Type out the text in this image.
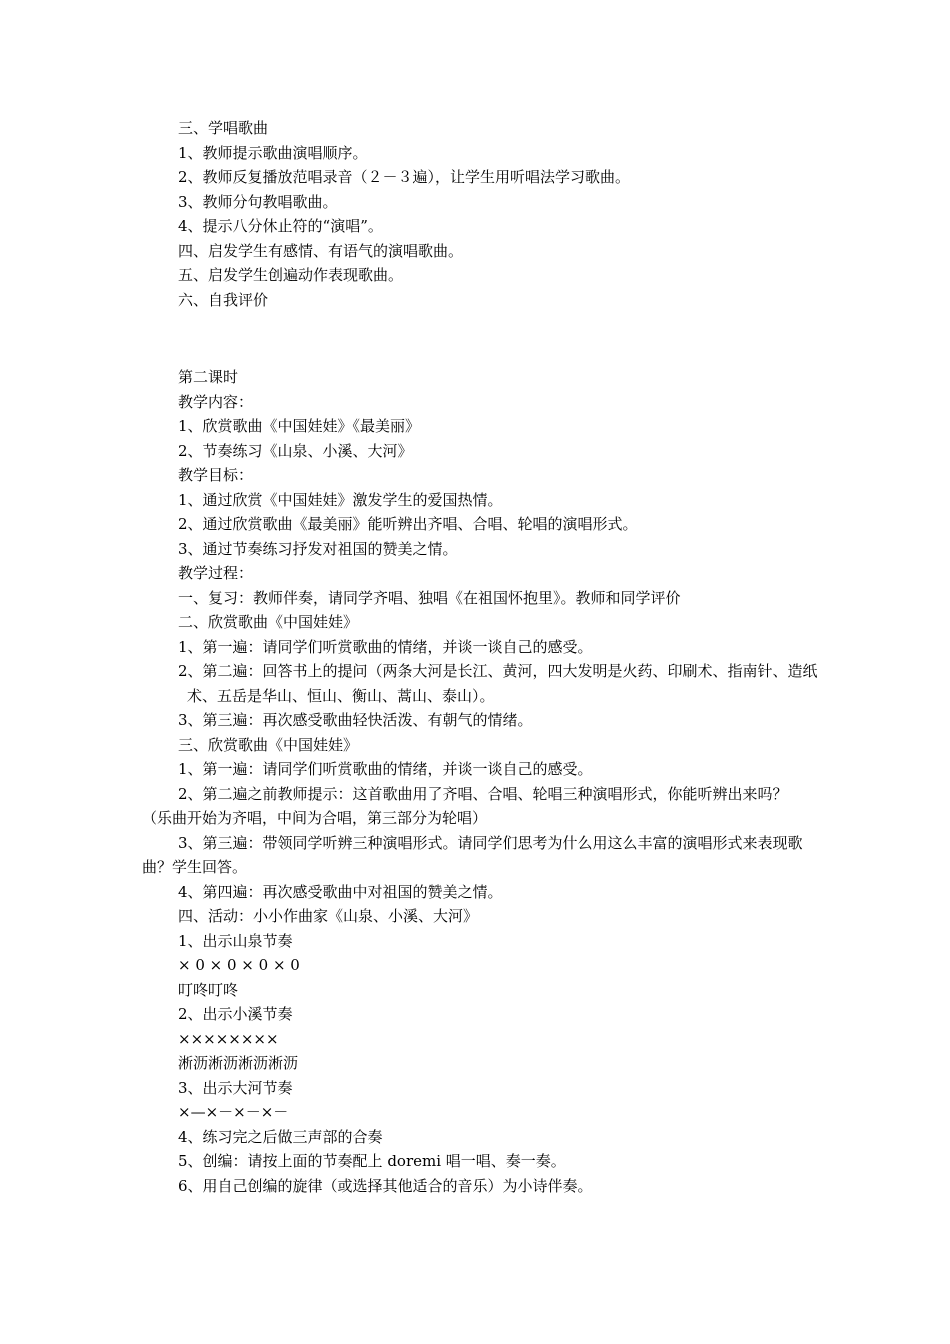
三、学唱歌曲

1、教师提示歌曲演唱顺序。

2、教师反复播放范唱录音（２－３遍），让学生用听唱法学习歌曲。

3、教师分句教唱歌曲。

4、提示八分休止符的“演唱”。

四、启发学生有感情、有语气的演唱歌曲。

五、启发学生创遍动作表现歌曲。

六、自我评价

第二课时

教学内容：

1、欣赏歌曲《中国娃娃》《最美丽》

2、节奏练习《山泉、小溪、大河》

教学目标：

1、通过欣赏《中国娃娃》激发学生的爱国热情。

2、通过欣赏歌曲《最美丽》能听辨出齐唱、合唱、轮唱的演唱形式。

3、通过节奏练习抒发对祖国的赞美之情。

教学过程：

一、复习：教师伴奏，请同学齐唱、独唱《在祖国怀抱里》。教师和同学评价

二、欣赏歌曲《中国娃娃》

1、第一遍：请同学们听赏歌曲的情绪，并谈一谈自己的感受。

2、第二遍：回答书上的提问（两条大河是长江、黄河，四大发明是火药、印刷术、指南针、造纸术、五岳是华山、恒山、衡山、蒿山、泰山）。

3、第三遍：再次感受歌曲轻快活泼、有朝气的情绪。

三、欣赏歌曲《中国娃娃》

1、第一遍：请同学们听赏歌曲的情绪，并谈一谈自己的感受。

2、第二遍之前教师提示：这首歌曲用了齐唱、合唱、轮唱三种演唱形式，你能听辨出来吗？（乐曲开始为齐唱，中间为合唱，第三部分为轮唱）

3、第三遍：带领同学听辨三种演唱形式。请同学们思考为什么用这么丰富的演唱形式来表现歌曲？学生回答。

4、第四遍：再次感受歌曲中对祖国的赞美之情。

四、活动：小小作曲家《山泉、小溪、大河》

1、出示山泉节奏

× 0 × 0 × 0 × 0

叮咚叮咚

2、出示小溪节奏

××××××××

淅沥淅沥淅沥淅沥

3、出示大河节奏

×—×－×－×－

4、练习完之后做三声部的合奏

5、创编：请按上面的节奏配上 doremi 唱一唱、奏一奏。

6、用自己创编的旋律（或选择其他适合的音乐）为小诗伴奏。
